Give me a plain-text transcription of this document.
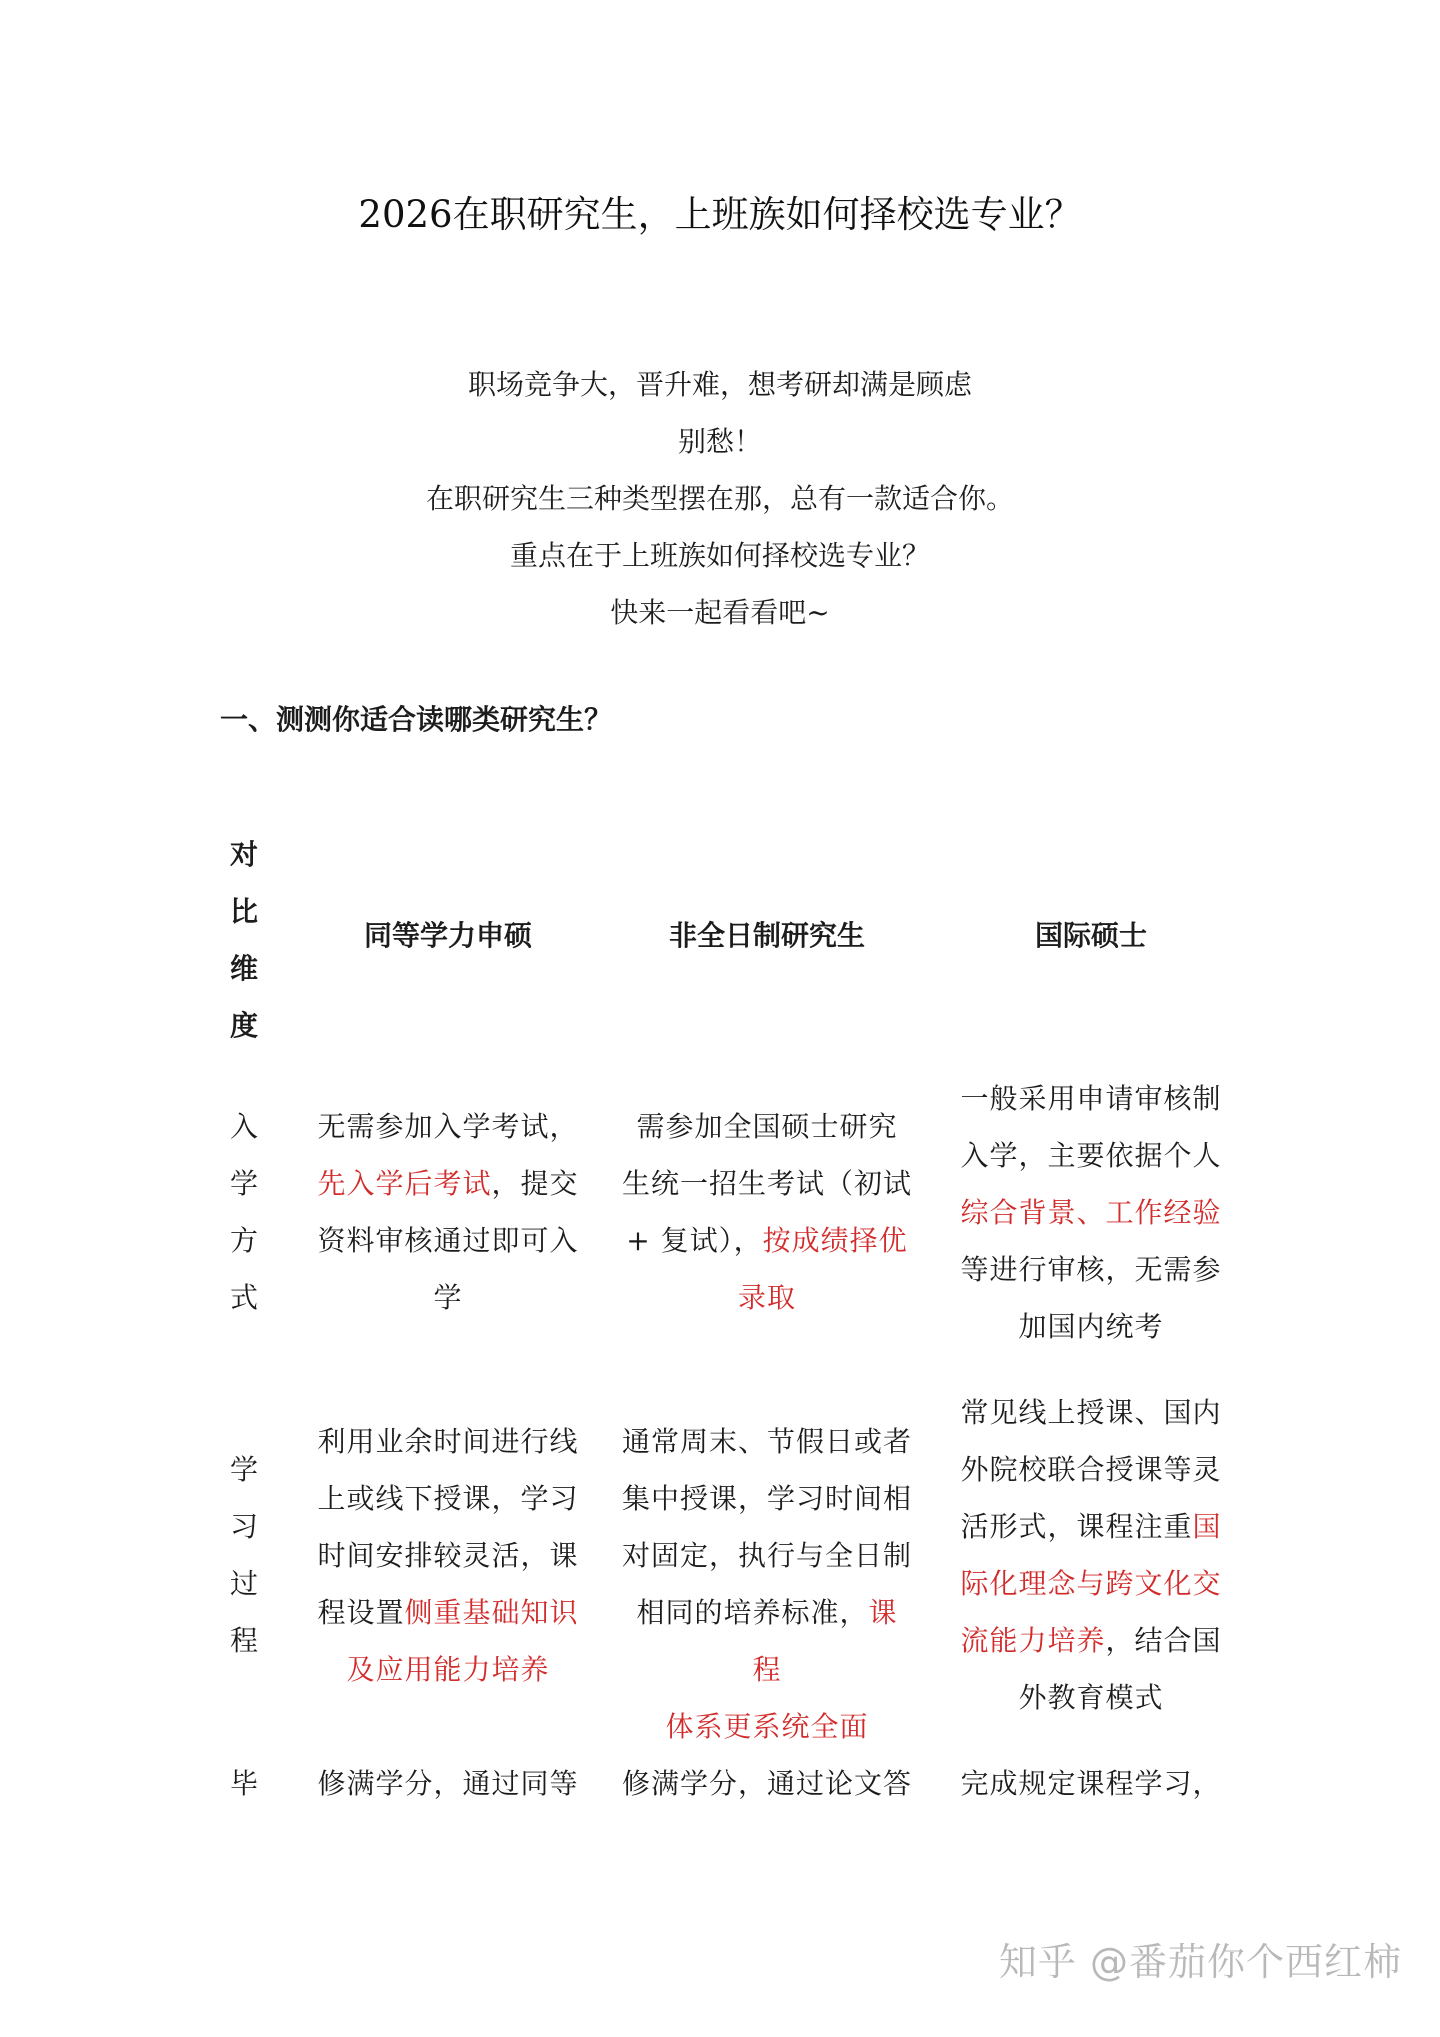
2026在职研究生，上班族如何择校选专业？
职场竞争大，晋升难，想考研却满是顾虑
别愁！
在职研究生三种类型摆在那，总有一款适合你。
重点在于上班族如何择校选专业？
快来一起看看吧~
一、测测你适合读哪类研究生？
对
比
维
度
同等学力申硕	非全日制研究生	国际硕士
入
学
方
式
无需参加入学考试，
先入学后考试，提交
资料审核通过即可入
学
需参加全国硕士研究
生统一招生考试（初试
+ 复试），按成绩择优
录取
一般采用申请审核制
入学，主要依据个人
综合背景、工作经验
等进行审核，无需参
加国内统考
学
习
过
程
利用业余时间进行线
上或线下授课，学习
时间安排较灵活，课
程设置侧重基础知识
及应用能力培养
通常周末、节假日或者
集中授课，学习时间相
对固定，执行与全日制
相同的培养标准，课程
体系更系统全面
常见线上授课、国内
外院校联合授课等灵
活形式，课程注重国
际化理念与跨文化交
流能力培养，结合国
外教育模式
毕 修满学分，通过同等 修满学分，通过论文答 完成规定课程学习，
知乎 @番茄你个西红柿
